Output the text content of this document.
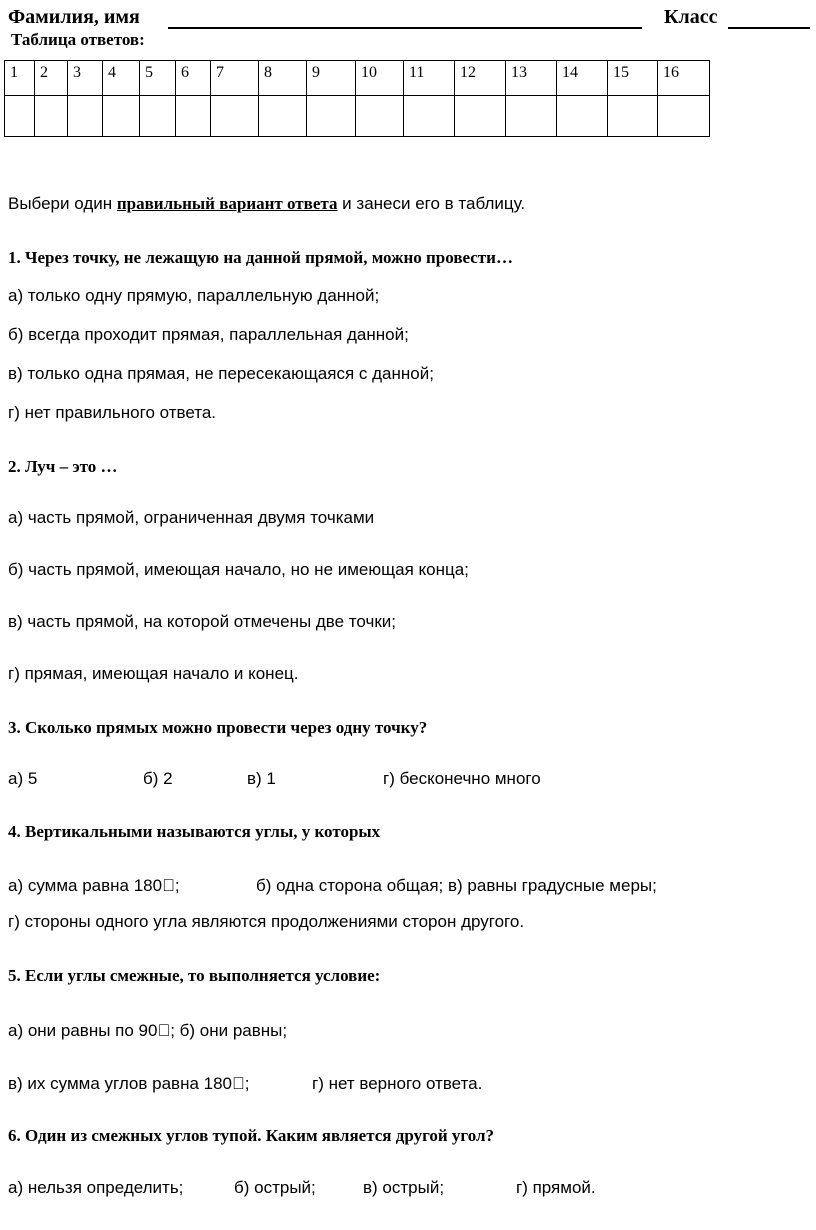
Фамилия, имя	Класс
Таблица ответов:
1	2	3	4	5	6	7	8	9	10	11	12	13	14	15	16

Выбери один правильный вариант ответа и занеси его в таблицу.
1. Через точку, не лежащую на данной прямой, можно провести…
а) только одну прямую, параллельную данной;
б) всегда проходит прямая, параллельная данной;
в) только одна прямая, не пересекающаяся с данной;
г) нет правильного ответа.
2. Луч – это …
а) часть прямой, ограниченная двумя точками
б) часть прямой, имеющая начало, но не имеющая конца;
в) часть прямой, на которой отмечены две точки;
г) прямая, имеющая начало и конец.
3. Сколько прямых можно провести через одну точку?
а) 5	б) 2	в) 1	г) бесконечно много
4. Вертикальными называются углы, у которых
а) сумма равна 180⃞;	б) одна сторона общая; в) равны градусные меры;
г) стороны одного угла являются продолжениями сторон другого.
5. Если углы смежные, то выполняется условие:
а) они равны по 90⃞; б) они равны;
в) их сумма углов равна 180⃞;	г) нет верного ответа.
6. Один из смежных углов тупой. Каким является другой угол?
а) нельзя определить;	б) острый;	в) острый;	г) прямой.
